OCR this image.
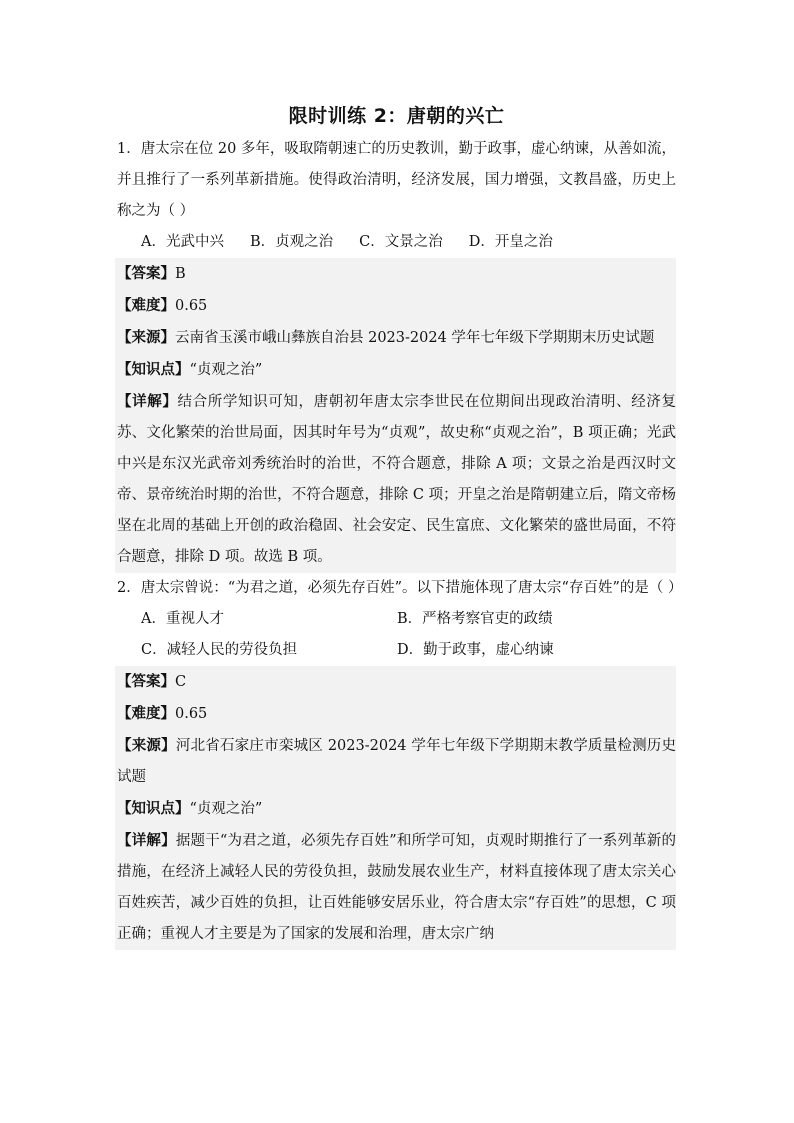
限时训练 2：唐朝的兴亡

1．唐太宗在位 20 多年，吸取隋朝速亡的历史教训，勤于政事，虚心纳谏，从善如流，并且推行了一系列革新措施。使得政治清明，经济发展，国力增强，文教昌盛，历史上称之为（ ）

A．光武中兴 B．贞观之治 C．文景之治 D．开皇之治

【答案】B

【难度】0.65

【来源】云南省玉溪市峨山彝族自治县 2023-2024 学年七年级下学期期末历史试题

【知识点】“贞观之治”

【详解】结合所学知识可知，唐朝初年唐太宗李世民在位期间出现政治清明、经济复苏、文化繁荣的治世局面，因其时年号为“贞观”，故史称“贞观之治”，B 项正确；光武中兴是东汉光武帝刘秀统治时的治世，不符合题意，排除 A 项；文景之治是西汉时文帝、景帝统治时期的治世，不符合题意，排除 C 项；开皇之治是隋朝建立后，隋文帝杨坚在北周的基础上开创的政治稳固、社会安定、民生富庶、文化繁荣的盛世局面，不符合题意，排除 D 项。故选 B 项。

2．唐太宗曾说：“为君之道，必须先存百姓”。以下措施体现了唐太宗“存百姓”的是（ ）

A．重视人才	B．严格考察官吏的政绩
C．减轻人民的劳役负担	D．勤于政事，虚心纳谏

【答案】C

【难度】0.65

【来源】河北省石家庄市栾城区 2023-2024 学年七年级下学期期末教学质量检测历史试题

【知识点】“贞观之治”

【详解】据题干“为君之道，必须先存百姓”和所学可知，贞观时期推行了一系列革新的措施，在经济上减轻人民的劳役负担，鼓励发展农业生产，材料直接体现了唐太宗关心百姓疾苦，减少百姓的负担，让百姓能够安居乐业，符合唐太宗“存百姓”的思想，C 项正确；重视人才主要是为了国家的发展和治理，唐太宗广纳
